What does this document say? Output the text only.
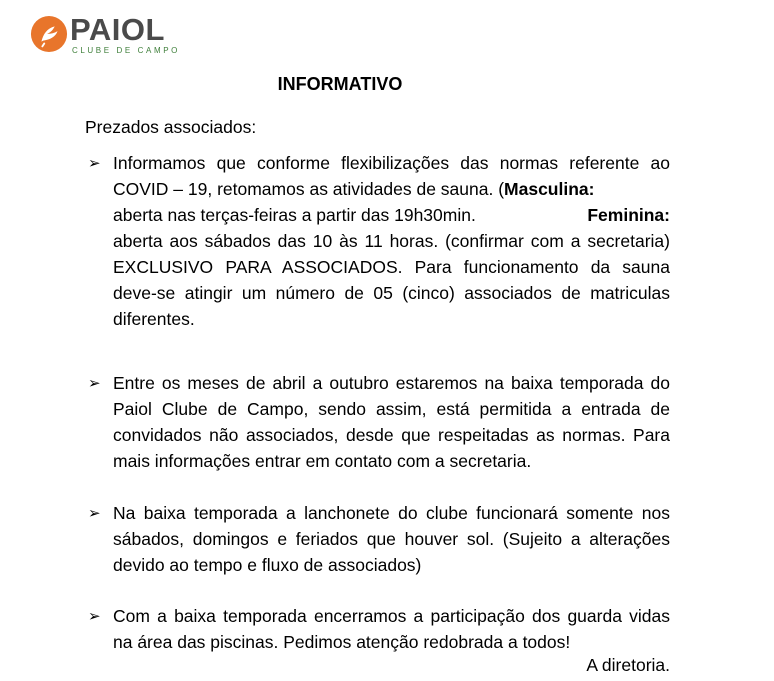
PAIOL
CLUBE DE CAMPO
INFORMATIVO
Prezados associados:
➢ Informamos que conforme flexibilizações das normas referente ao COVID – 19, retomamos as atividades de sauna. (Masculina:
aberta nas terças-feiras a partir das 19h30min.	Feminina:
aberta aos sábados das 10 às 11 horas. (confirmar com a secretaria) EXCLUSIVO PARA ASSOCIADOS. Para funcionamento da sauna deve-se atingir um número de 05 (cinco) associados de matriculas diferentes.
➢ Entre os meses de abril a outubro estaremos na baixa temporada do Paiol Clube de Campo, sendo assim, está permitida a entrada de convidados não associados, desde que respeitadas as normas. Para mais informações entrar em contato com a secretaria.
➢ Na baixa temporada a lanchonete do clube funcionará somente nos sábados, domingos e feriados que houver sol. (Sujeito a alterações devido ao tempo e fluxo de associados)
➢ Com a baixa temporada encerramos a participação dos guarda vidas na área das piscinas. Pedimos atenção redobrada a todos!
A diretoria.
